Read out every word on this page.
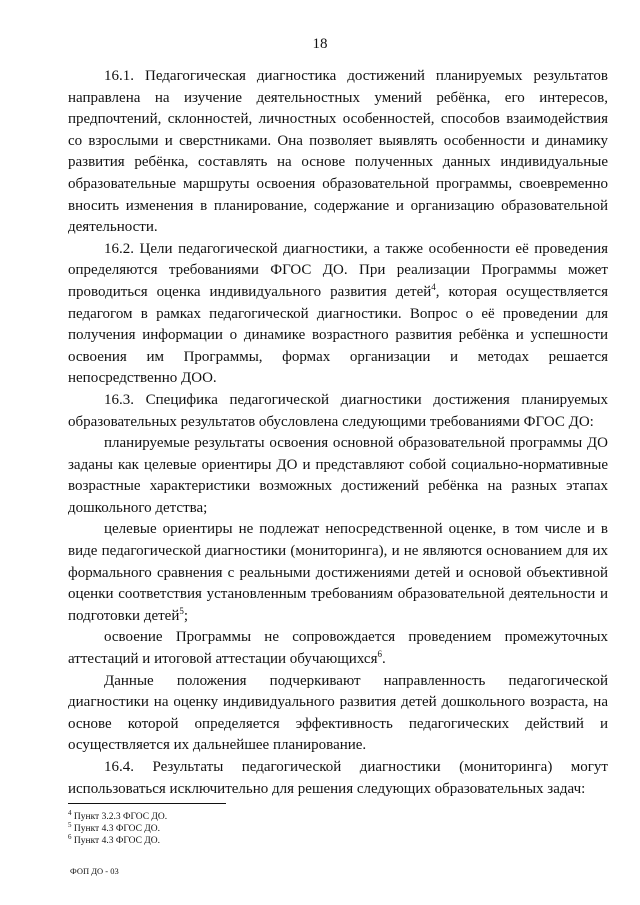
18

16.1. Педагогическая диагностика достижений планируемых результатов направлена на изучение деятельностных умений ребёнка, его интересов, предпочтений, склонностей, личностных особенностей, способов взаимодействия со взрослыми и сверстниками. Она позволяет выявлять особенности и динамику развития ребёнка, составлять на основе полученных данных индивидуальные образовательные маршруты освоения образовательной программы, своевременно вносить изменения в планирование, содержание и организацию образовательной деятельности.

16.2. Цели педагогической диагностики, а также особенности её проведения определяются требованиями ФГОС ДО. При реализации Программы может проводиться оценка индивидуального развития детей$^4$, которая осуществляется педагогом в рамках педагогической диагностики. Вопрос о её проведении для получения информации о динамике возрастного развития ребёнка и успешности освоения им Программы, формах организации и методах решается непосредственно ДОО.

16.3. Специфика педагогической диагностики достижения планируемых образовательных результатов обусловлена следующими требованиями ФГОС ДО:

планируемые результаты освоения основной образовательной программы ДО заданы как целевые ориентиры ДО и представляют собой социально-нормативные возрастные характеристики возможных достижений ребёнка на разных этапах дошкольного детства;

целевые ориентиры не подлежат непосредственной оценке, в том числе и в виде педагогической диагностики (мониторинга), и не являются основанием для их формального сравнения с реальными достижениями детей и основой объективной оценки соответствия установленным требованиям образовательной деятельности и подготовки детей$^5$;

освоение Программы не сопровождается проведением промежуточных аттестаций и итоговой аттестации обучающихся$^6$.

Данные положения подчеркивают направленность педагогической диагностики на оценку индивидуального развития детей дошкольного возраста, на основе которой определяется эффективность педагогических действий и осуществляется их дальнейшее планирование.

16.4. Результаты педагогической диагностики (мониторинга) могут использоваться исключительно для решения следующих образовательных задач:

$^4$ Пункт 3.2.3 ФГОС ДО.
$^5$ Пункт 4.3 ФГОС ДО.
$^6$ Пункт 4.3 ФГОС ДО.
ФОП ДО - 03
